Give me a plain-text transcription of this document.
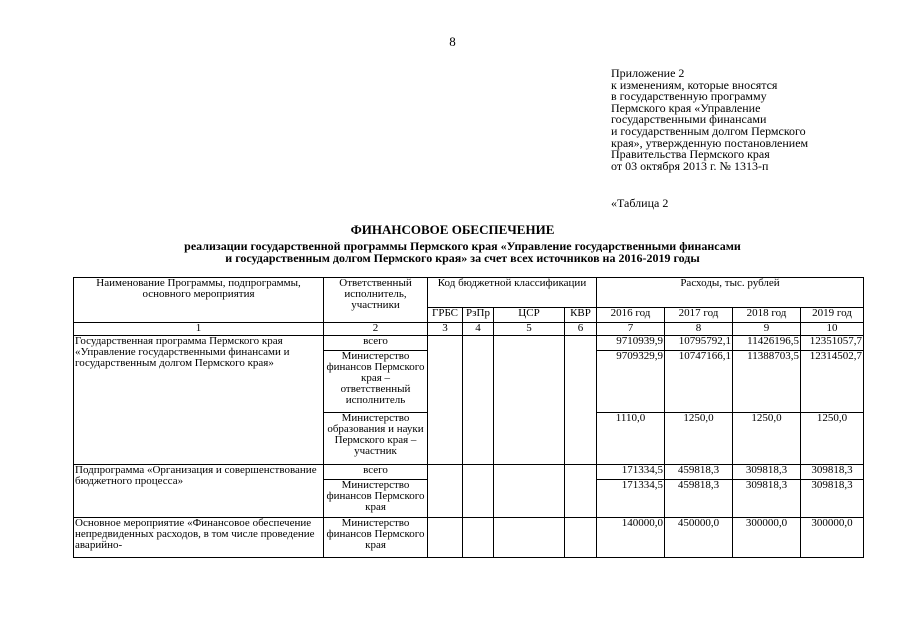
8
Приложение 2
к изменениям, которые вносятся
в государственную программу
Пермского края «Управление
государственными финансами
и государственным долгом Пермского
края», утвержденную постановлением
Правительства Пермского края
от 03 октября 2013 г. № 1313-п
«Таблица 2
ФИНАНСОВОЕ ОБЕСПЕЧЕНИЕ
реализации государственной программы Пермского края «Управление государственными финансами
и государственным долгом Пермского края» за счет всех источников на 2016-2019 годы
Наименование Программы, подпрограммы, основного мероприятия	Ответственный исполнитель, участники	Код бюджетной классификации				Расходы, тыс. рублей			
		ГРБС	РзПр	ЦСР	КВР	2016 год	2017 год	2018 год	2019 год
1	2	3	4	5	6	7	8	9	10
Государственная программа Пермского края «Управление государственными финансами и государственным долгом Пермского края»	всего					9710939,9	10795792,1	11426196,5	12351057,7
	Министерство финансов Пермского края – ответственный исполнитель					9709329,9	10747166,1	11388703,5	12314502,7
	Министерство образования и науки Пермского края – участник					1110,0	1250,0	1250,0	1250,0
Подпрограмма «Организация и совершенствование бюджетного процесса»	всего					171334,5	459818,3	309818,3	309818,3
	Министерство финансов Пермского края					171334,5	459818,3	309818,3	309818,3
Основное мероприятие «Финансовое обеспечение непредвиденных расходов, в том числе проведение аварийно-	Министерство финансов Пермского края					140000,0	450000,0	300000,0	300000,0
